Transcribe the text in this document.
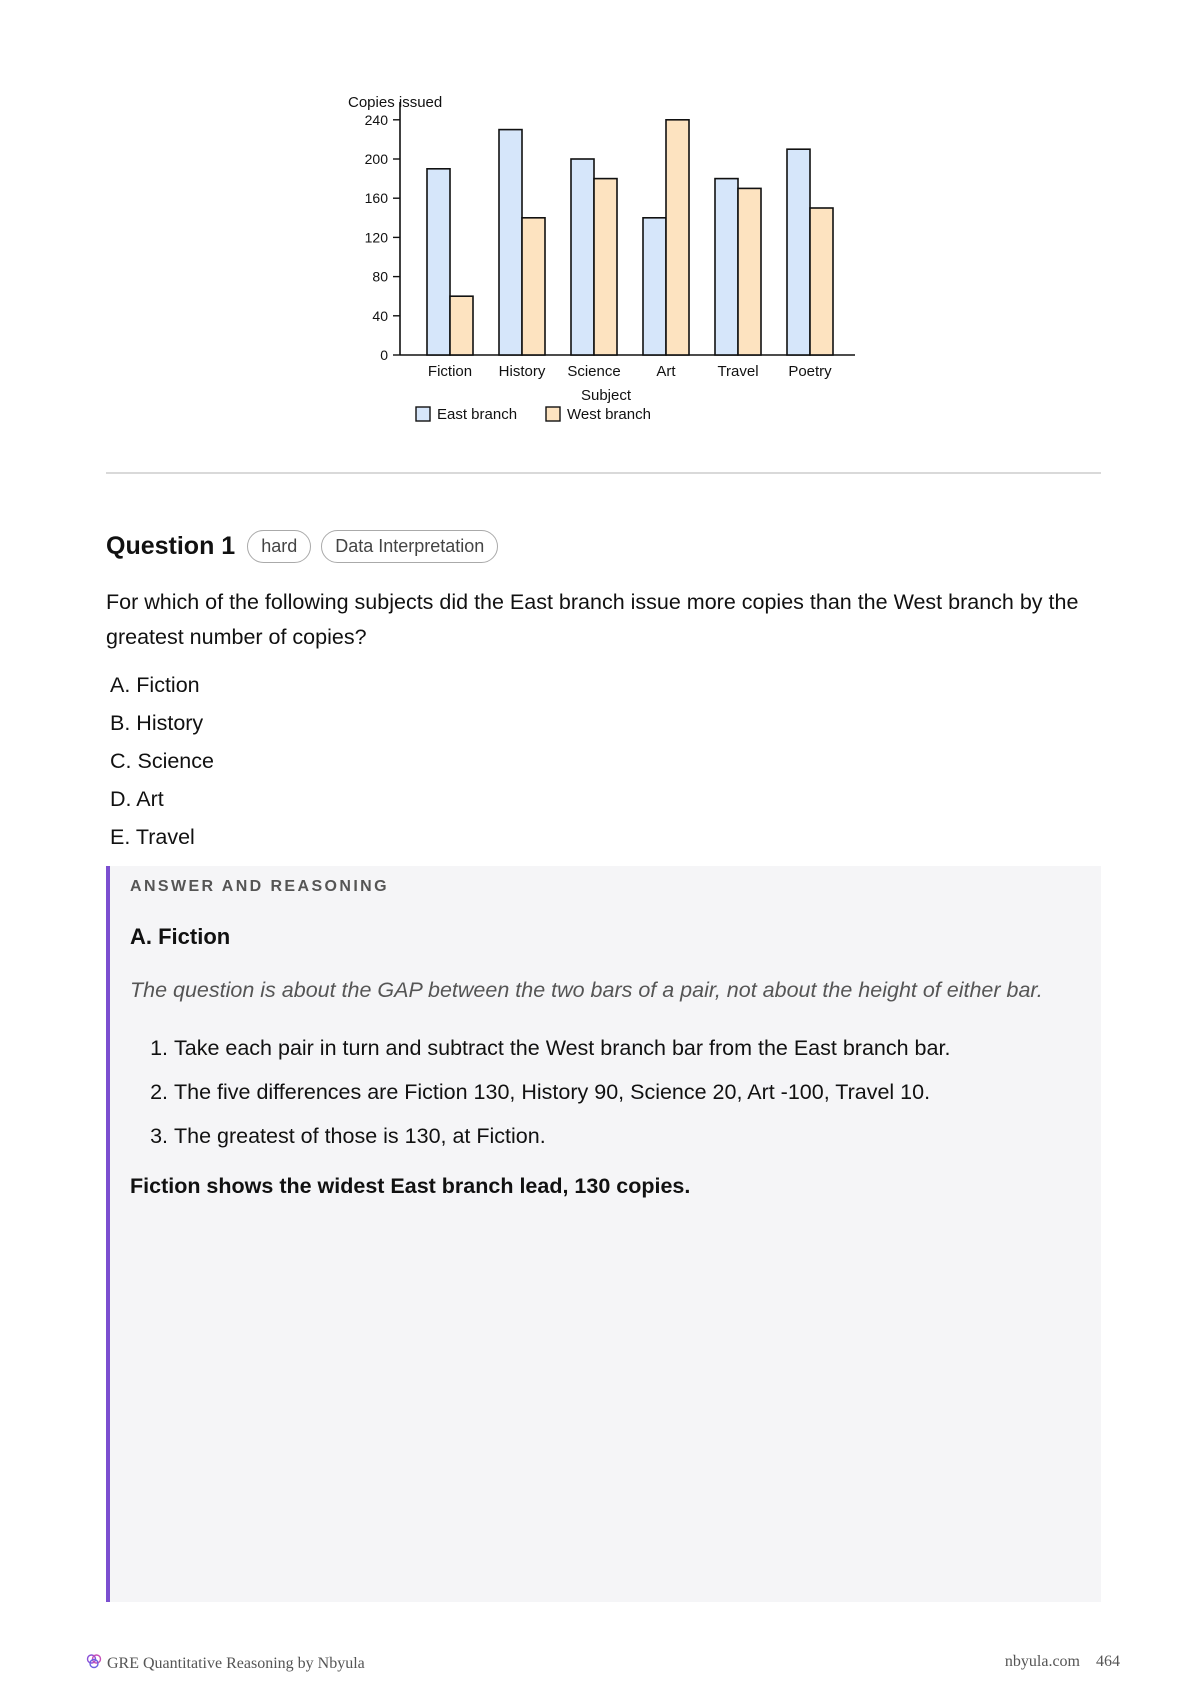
Copies issued
0
40
80
120
160
200
240
Fiction History Science Art	Travel Poetry
Subject
East branch	West branch
Question 1	hard	Data Interpretation
For which of the following subjects did the East branch issue more copies than the West branch by the greatest number of copies?
A. Fiction
B. History
C. Science
D. Art
E. Travel
ANSWER AND REASONING
A. Fiction
The question is about the GAP between the two bars of a pair, not about the height of either bar.
1. Take each pair in turn and subtract the West branch bar from the East branch bar.
2. The five differences are Fiction 130, History 90, Science 20, Art -100, Travel 10.
3. The greatest of those is 130, at Fiction.
Fiction shows the widest East branch lead, 130 copies.
GRE Quantitative Reasoning by Nbyula	nbyula.com 464
